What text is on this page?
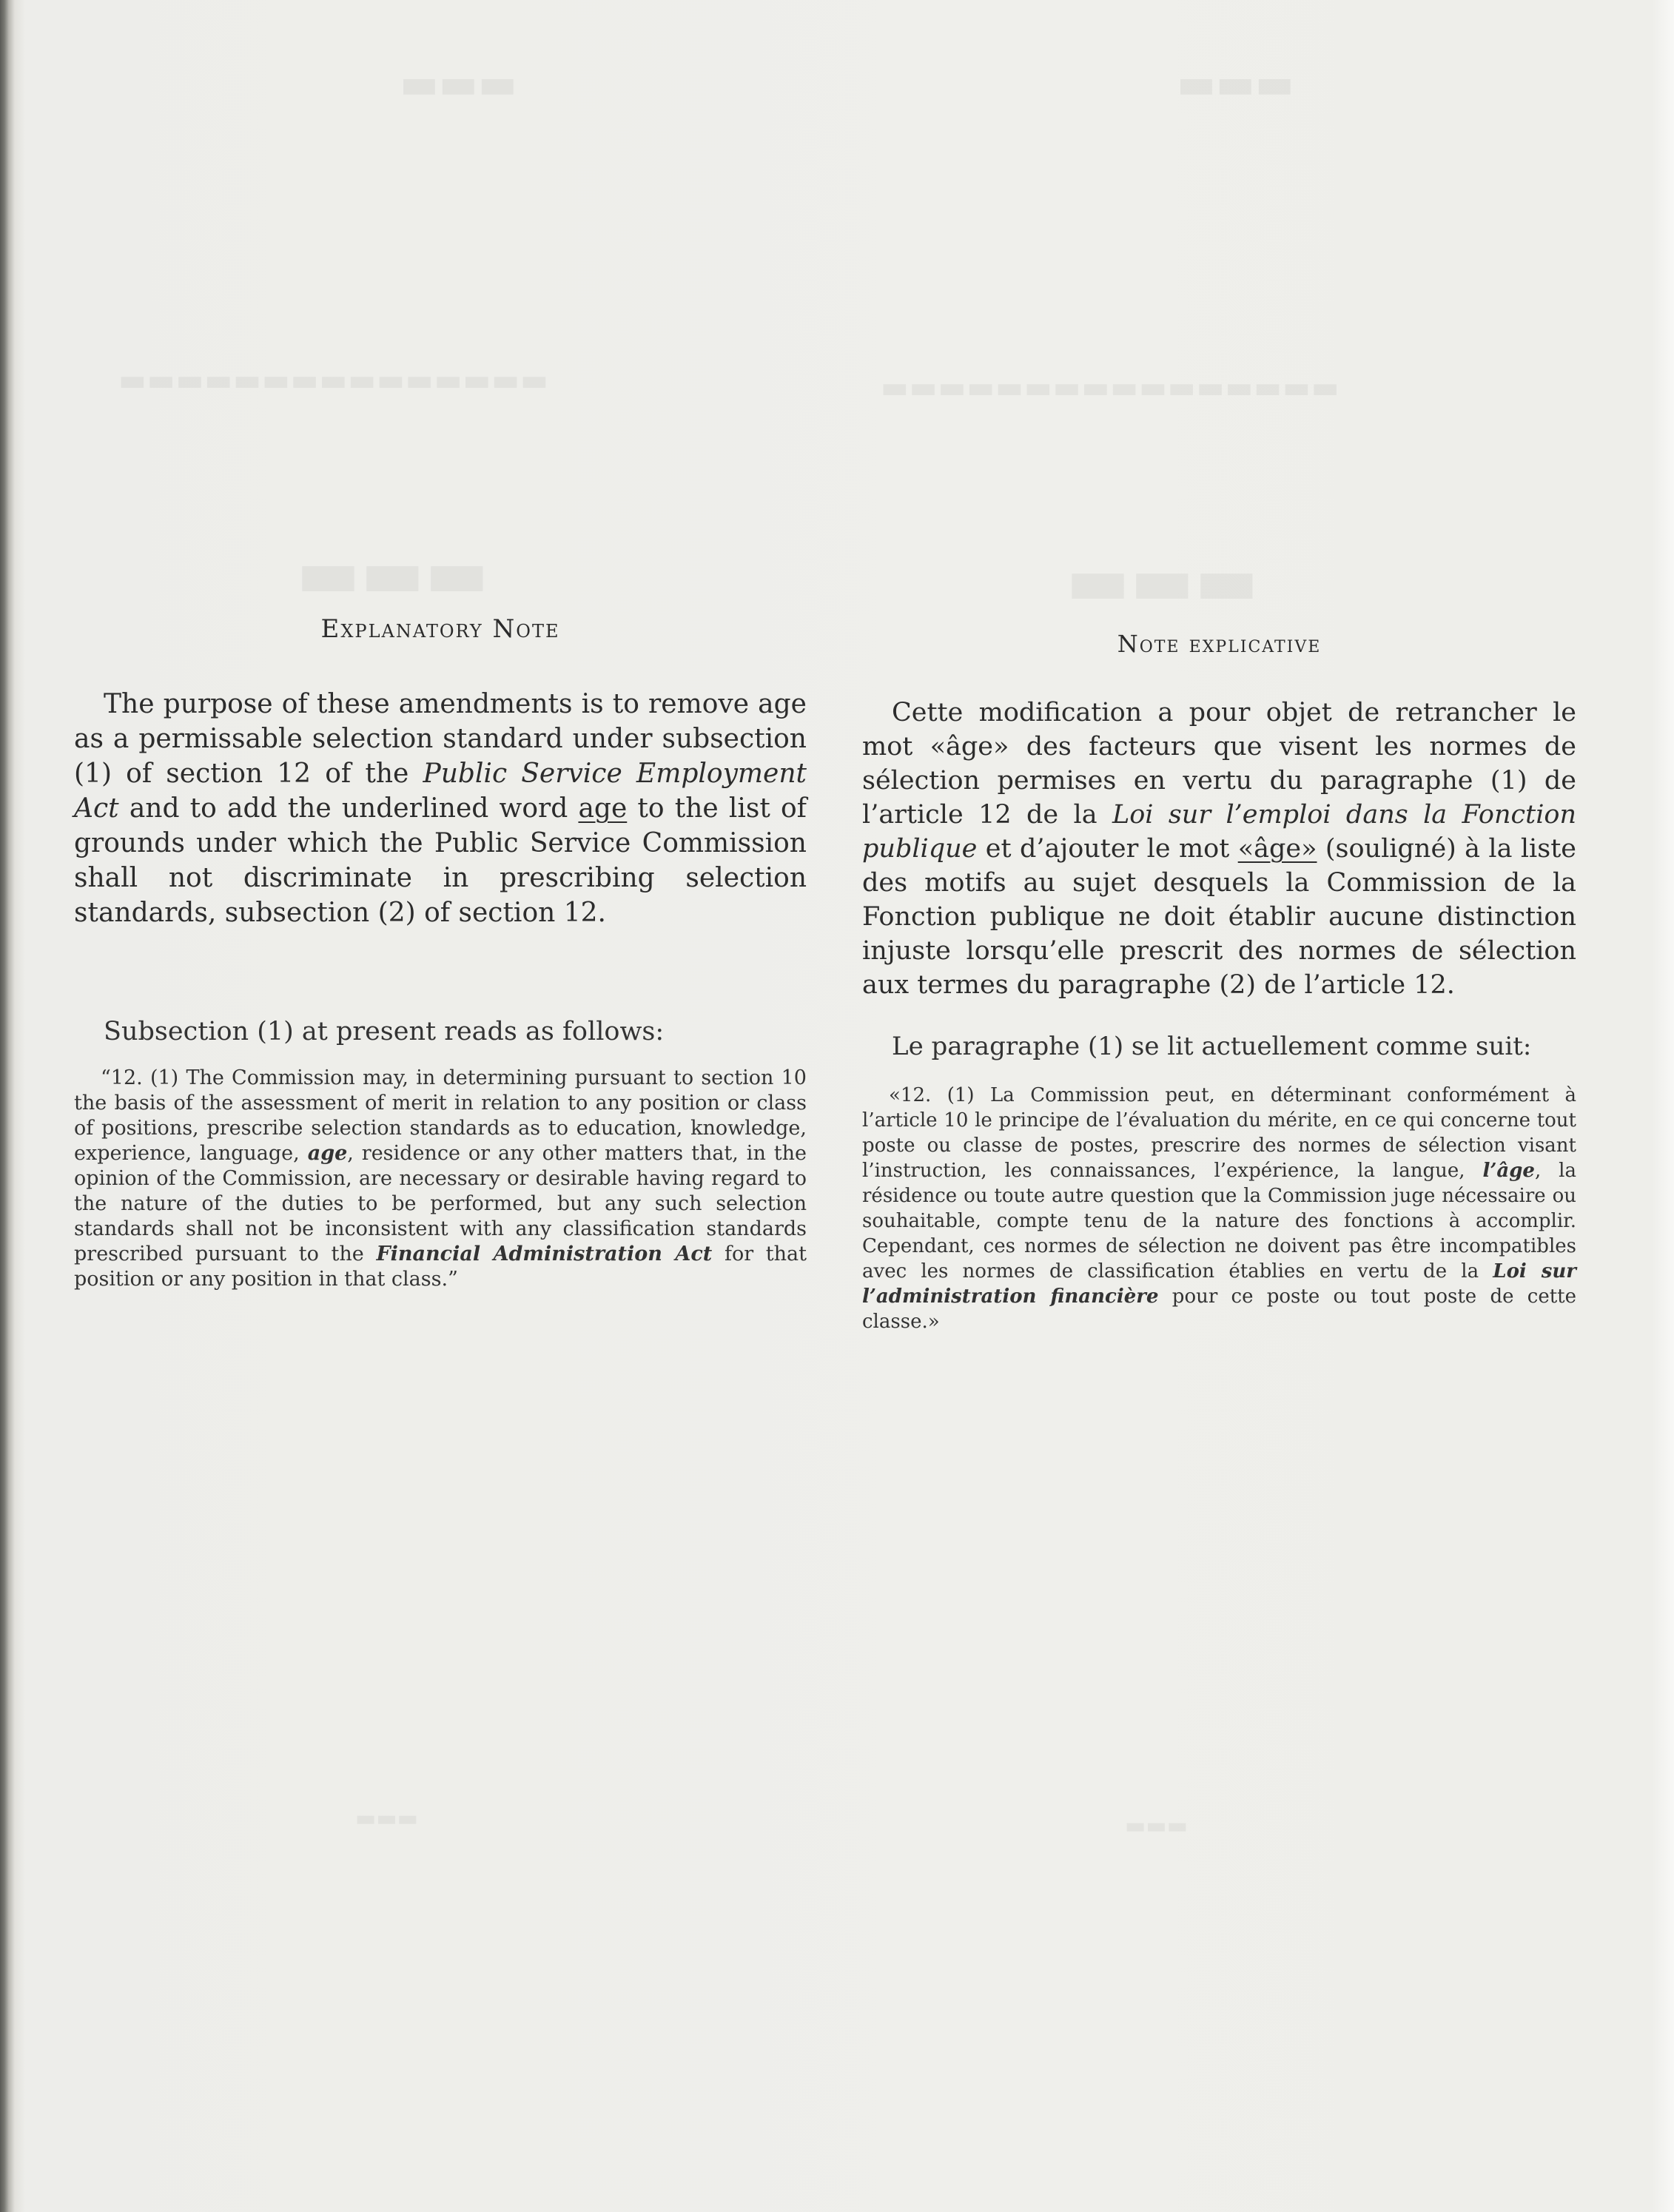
▬▬▬	▬▬▬
▬▬▬▬▬▬▬▬▬▬▬▬▬▬▬	▬▬▬▬▬▬▬▬▬▬▬▬▬▬▬▬
▬▬▬	▬▬▬
▬▬▬	▬▬▬
Explanatory Note
The purpose of these amendments is to remove age as a permissable selection standard under subsection (1) of section 12 of the Public Service Employment Act and to add the underlined word age to the list of grounds under which the Public Service Commission shall not discriminate in prescribing selection standards, subsection (2) of section 12.
Subsection (1) at present reads as follows:
“12. (1) The Commission may, in determining pursuant to section 10 the basis of the assessment of merit in relation to any position or class of positions, prescribe selection standards as to education, knowledge, experience, language, age, residence or any other matters that, in the opinion of the Commission, are necessary or desirable having regard to the nature of the duties to be performed, but any such selection standards shall not be inconsistent with any classification standards prescribed pursuant to the Financial Administration Act for that position or any position in that class.”
Note explicative
Cette modification a pour objet de retrancher le mot «âge» des facteurs que visent les normes de sélection permises en vertu du paragraphe (1) de l’article 12 de la Loi sur l’emploi dans la Fonction publique et d’ajouter le mot «âge» (souligné) à la liste des motifs au sujet desquels la Commission de la Fonction publique ne doit établir aucune distinction injuste lorsqu’elle prescrit des normes de sélection aux termes du paragraphe (2) de l’article 12.
Le paragraphe (1) se lit actuellement comme suit:
«12. (1) La Commission peut, en déterminant conformément à l’article 10 le principe de l’évaluation du mérite, en ce qui concerne tout poste ou classe de postes, prescrire des normes de sélection visant l’instruction, les connaissances, l’expérience, la langue, l’âge, la résidence ou toute autre question que la Commission juge nécessaire ou souhaitable, compte tenu de la nature des fonctions à accomplir. Cependant, ces normes de sélection ne doivent pas être incompatibles avec les normes de classification établies en vertu de la Loi sur l’administration financière pour ce poste ou tout poste de cette classe.»
